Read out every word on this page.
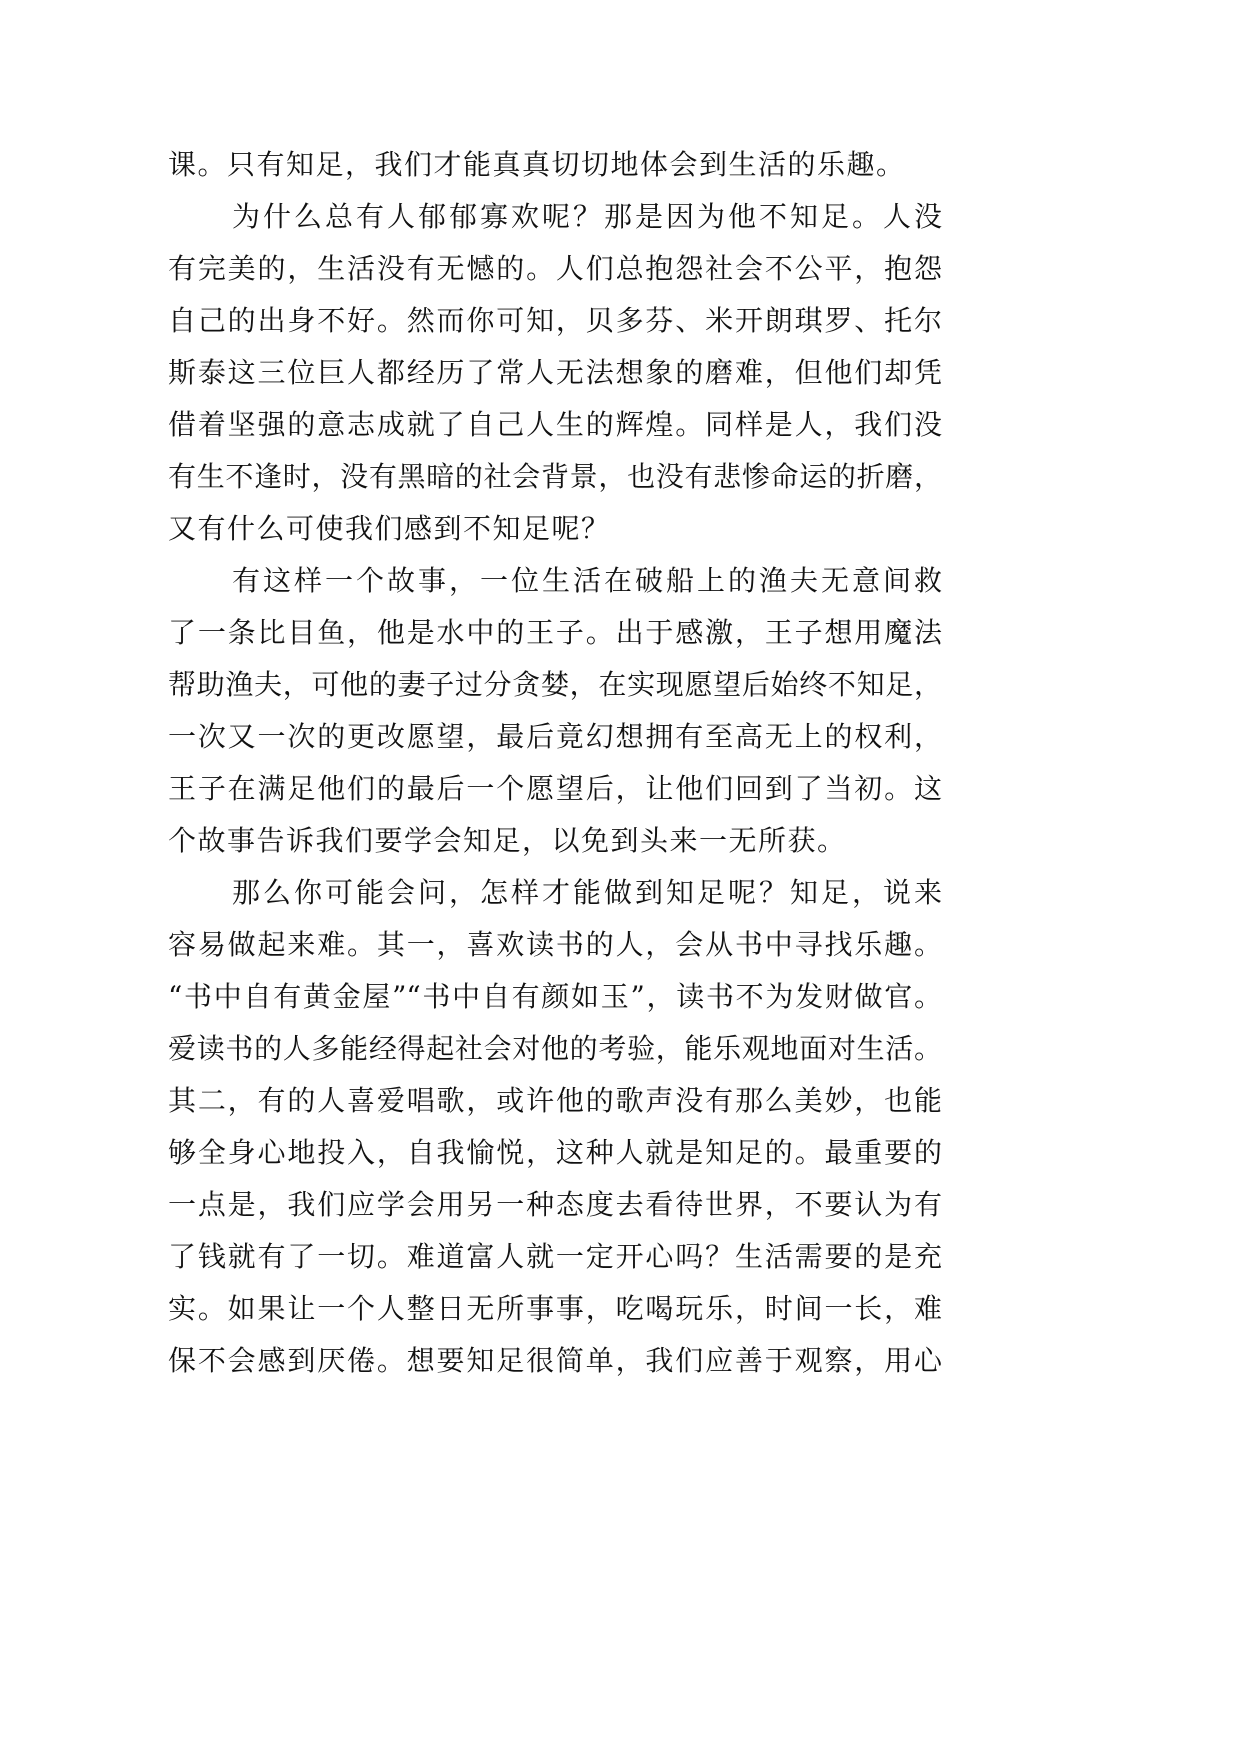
课。只有知足，我们才能真真切切地体会到生活的乐趣。
为什么总有人郁郁寡欢呢？那是因为他不知足。人没
有完美的，生活没有无憾的。人们总抱怨社会不公平，抱怨
自己的出身不好。然而你可知，贝多芬、米开朗琪罗、托尔
斯泰这三位巨人都经历了常人无法想象的磨难，但他们却凭
借着坚强的意志成就了自己人生的辉煌。同样是人，我们没
有生不逢时，没有黑暗的社会背景，也没有悲惨命运的折磨，
又有什么可使我们感到不知足呢？
有这样一个故事，一位生活在破船上的渔夫无意间救
了一条比目鱼，他是水中的王子。出于感激，王子想用魔法
帮助渔夫，可他的妻子过分贪婪，在实现愿望后始终不知足，
一次又一次的更改愿望，最后竟幻想拥有至高无上的权利，
王子在满足他们的最后一个愿望后，让他们回到了当初。这
个故事告诉我们要学会知足，以免到头来一无所获。
那么你可能会问，怎样才能做到知足呢？知足，说来
容易做起来难。其一，喜欢读书的人，会从书中寻找乐趣。
“书中自有黄金屋”“书中自有颜如玉”，读书不为发财做官。
爱读书的人多能经得起社会对他的考验，能乐观地面对生活。
其二，有的人喜爱唱歌，或许他的歌声没有那么美妙，也能
够全身心地投入，自我愉悦，这种人就是知足的。最重要的
一点是，我们应学会用另一种态度去看待世界，不要认为有
了钱就有了一切。难道富人就一定开心吗？生活需要的是充
实。如果让一个人整日无所事事，吃喝玩乐，时间一长，难
保不会感到厌倦。想要知足很简单，我们应善于观察，用心
